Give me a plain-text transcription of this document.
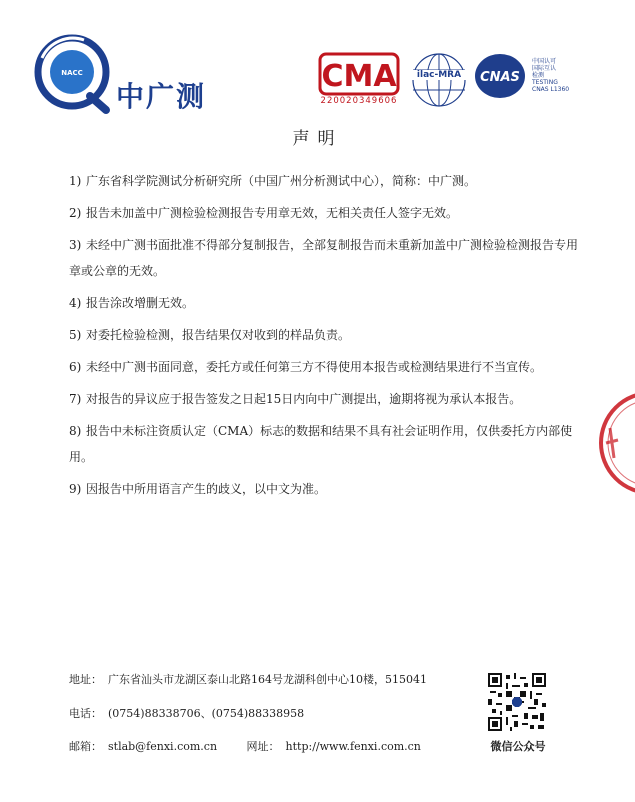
NACC
中广测
CMA
220020349606
ilac-MRA	CNAS
中国认可
国际互认
检测
TESTING
CNAS L1360
声明
1) 广东省科学院测试分析研究所（中国广州分析测试中心），简称：中广测。
2) 报告未加盖中广测检验检测报告专用章无效，无相关责任人签字无效。
3) 未经中广测书面批准不得部分复制报告，全部复制报告而未重新加盖中广测检验检测报告专用章或公章的无效。
4) 报告涂改增删无效。
5) 对委托检验检测，报告结果仅对收到的样品负责。
6) 未经中广测书面同意，委托方或任何第三方不得使用本报告或检测结果进行不当宣传。
7) 对报告的异议应于报告签发之日起15日内向中广测提出，逾期将视为承认本报告。
8) 报告中未标注资质认定（CMA）标志的数据和结果不具有社会证明作用，仅供委托方内部使用。
9) 因报告中所用语言产生的歧义，以中文为准。
地址： 广东省汕头市龙湖区泰山北路164号龙湖科创中心10楼，515041
电话： (0754)88338706、(0754)88338958
邮箱： stlab@fenxi.com.cn	网址： http://www.fenxi.com.cn	微信公众号
